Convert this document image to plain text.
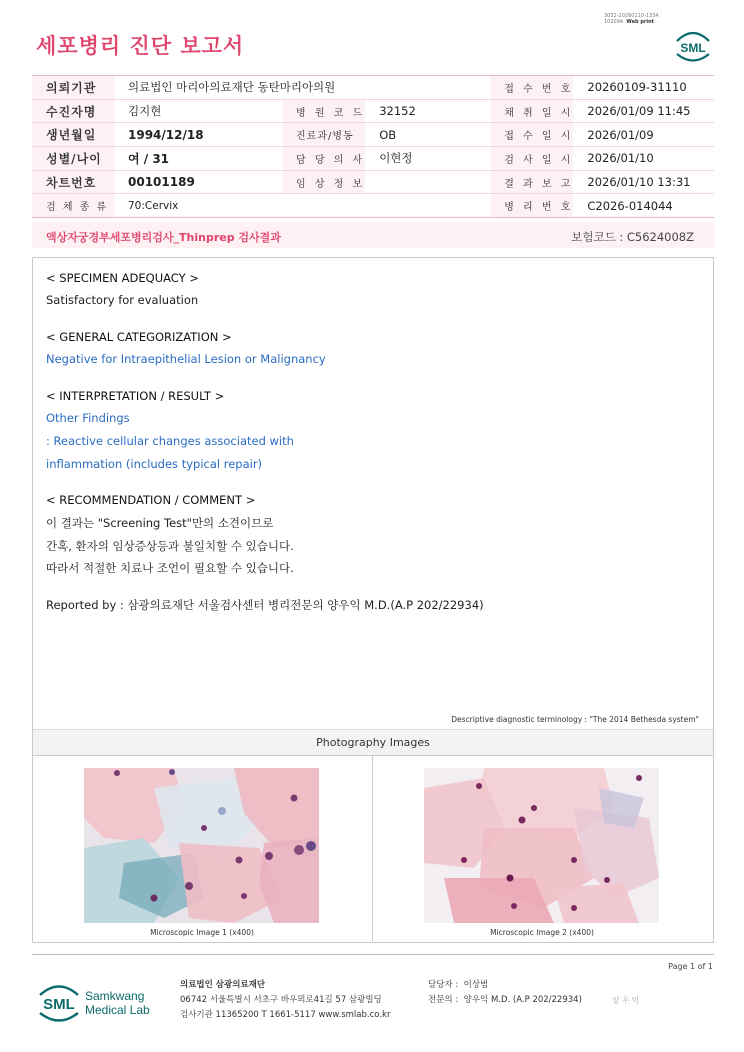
세포병리 진단 보고서
3052-20260110-1334
102094 Web print
SML
의뢰기관	의료법인 마리아의료재단 동탄마리아의원			접 수 번 호	20260109-31110
수진자명	김지현	병 원 코 드	32152	채 취 일 시	2026/01/09 11:45
생년월일	1994/12/18	진료과/병동	OB	접 수 일 시	2026/01/09
성별/나이	여 / 31	담 당 의 사	이현정	검 사 일 시	2026/01/10
차트번호	00101189	임 상 정 보		결 과 보 고	2026/01/10 13:31
검 체 종 류	70:Cervix			병 리 번 호	C2026-014044
액상자궁경부세포병리검사_Thinprep 검사결과	보험코드 : C5624008Z
< SPECIMEN ADEQUACY >
Satisfactory for evaluation
< GENERAL CATEGORIZATION >
Negative for Intraepithelial Lesion or Malignancy
< INTERPRETATION / RESULT >
Other Findings
: Reactive cellular changes associated with
inflammation (includes typical repair)
< RECOMMENDATION / COMMENT >
이 결과는 "Screening Test"만의 소견이므로
간혹, 환자의 임상증상등과 불일치할 수 있습니다.
따라서 적절한 치료나 조언이 필요할 수 있습니다.
Reported by : 삼광의료재단 서울검사센터 병리전문의 양우익 M.D.(A.P 202/22934)
Descriptive diagnostic terminology : "The 2014 Bethesda system"
Photography Images
Microscopic Image 1 (x400)	Microscopic Image 2 (x400)
Page 1 of 1
SML Samkwang
Medical Lab
의료법인 삼광의료재단
06742 서울특별시 서초구 바우뫼로41길 57 삼광빌딩
검사기관 11365200 T 1661-5117 www.smlab.co.kr
담당자 : 이상범
전문의 : 양우익 M.D. (A.P 202/22934)	양우익
